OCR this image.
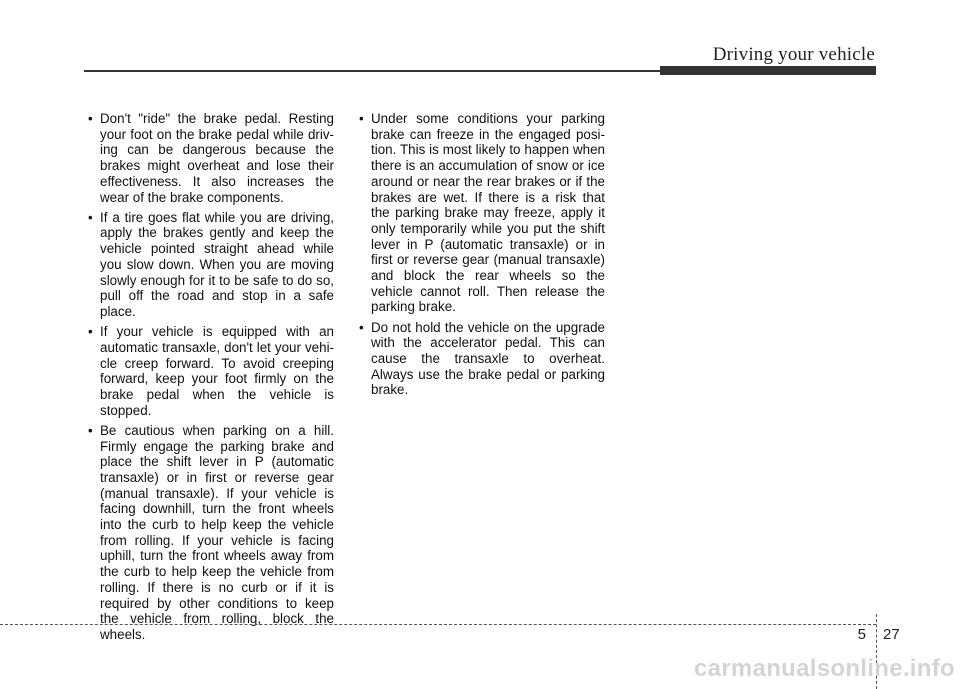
Driving your vehicle

• Don't "ride" the brake pedal. Resting your foot on the brake pedal while driv-ing can be dangerous because the brakes might overheat and lose their effectiveness. It also increases the wear of the brake components.

• If a tire goes flat while you are driving, apply the brakes gently and keep the vehicle pointed straight ahead while you slow down. When you are moving slowly enough for it to be safe to do so, pull off the road and stop in a safe place.

• If your vehicle is equipped with an automatic transaxle, don't let your vehi-cle creep forward. To avoid creeping forward, keep your foot firmly on the brake pedal when the vehicle is stopped.

• Be cautious when parking on a hill. Firmly engage the parking brake and place the shift lever in P (automatic transaxle) or in first or reverse gear (manual transaxle). If your vehicle is facing downhill, turn the front wheels into the curb to help keep the vehicle from rolling. If your vehicle is facing uphill, turn the front wheels away from the curb to help keep the vehicle from rolling. If there is no curb or if it is required by other conditions to keep the vehicle from rolling, block the wheels.

• Under some conditions your parking brake can freeze in the engaged posi-tion. This is most likely to happen when there is an accumulation of snow or ice around or near the rear brakes or if the brakes are wet. If there is a risk that the parking brake may freeze, apply it only temporarily while you put the shift lever in P (automatic transaxle) or in first or reverse gear (manual transaxle) and block the rear wheels so the vehicle cannot roll. Then release the parking brake.

• Do not hold the vehicle on the upgrade with the accelerator pedal. This can cause the transaxle to overheat. Always use the brake pedal or parking brake.

5 27
carmanualsonline.info
